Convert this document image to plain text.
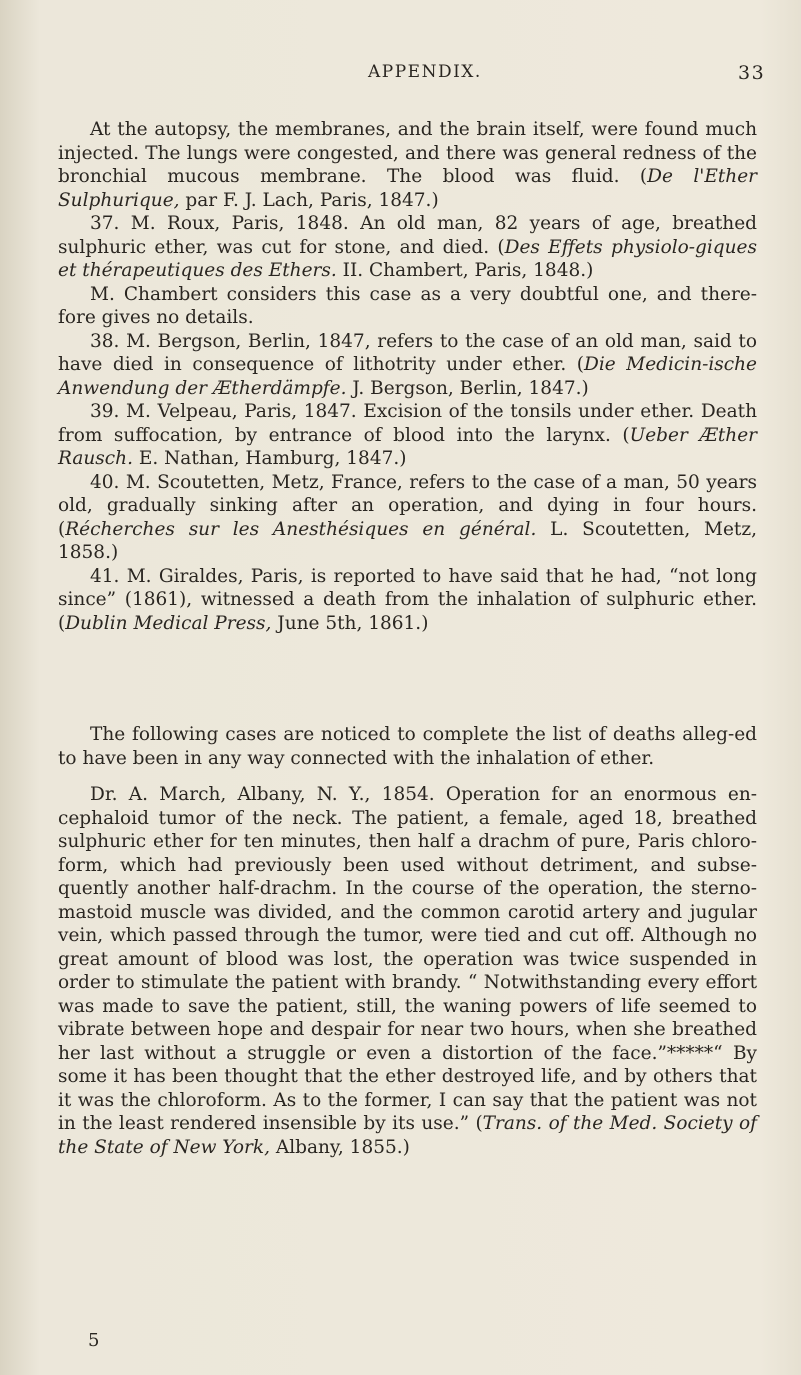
APPENDIX.	33

At the autopsy, the membranes, and the brain itself, were found much injected. The lungs were congested, and there was general redness of the bronchial mucous membrane. The blood was fluid. (De l'Ether Sulphurique, par F. J. Lach, Paris, 1847.)

37. M. Roux, Paris, 1848. An old man, 82 years of age, breathed sulphuric ether, was cut for stone, and died. (Des Effets physiolo-giques et thérapeutiques des Ethers. II. Chambert, Paris, 1848.)

M. Chambert considers this case as a very doubtful one, and there-fore gives no details.

38. M. Bergson, Berlin, 1847, refers to the case of an old man, said to have died in consequence of lithotrity under ether. (Die Medicin-ische Anwendung der Ætherdämpfe. J. Bergson, Berlin, 1847.)

39. M. Velpeau, Paris, 1847. Excision of the tonsils under ether. Death from suffocation, by entrance of blood into the larynx. (Ueber Æther Rausch. E. Nathan, Hamburg, 1847.)

40. M. Scoutetten, Metz, France, refers to the case of a man, 50 years old, gradually sinking after an operation, and dying in four hours. (Récherches sur les Anesthésiques en général. L. Scoutetten, Metz, 1858.)

41. M. Giraldes, Paris, is reported to have said that he had, “not long since” (1861), witnessed a death from the inhalation of sulphuric ether. (Dublin Medical Press, June 5th, 1861.)

The following cases are noticed to complete the list of deaths alleg-ed to have been in any way connected with the inhalation of ether.

Dr. A. March, Albany, N. Y., 1854. Operation for an enormous en-cephaloid tumor of the neck. The patient, a female, aged 18, breathed sulphuric ether for ten minutes, then half a drachm of pure, Paris chloro-form, which had previously been used without detriment, and subse-quently another half-drachm. In the course of the operation, the sterno-mastoid muscle was divided, and the common carotid artery and jugular vein, which passed through the tumor, were tied and cut off. Although no great amount of blood was lost, the operation was twice suspended in order to stimulate the patient with brandy. “ Notwithstanding every effort was made to save the patient, still, the waning powers of life seemed to vibrate between hope and despair for near two hours, when she breathed her last without a struggle or even a distortion of the face.”*****“ By some it has been thought that the ether destroyed life, and by others that it was the chloroform. As to the former, I can say that the patient was not in the least rendered insensible by its use.” (Trans. of the Med. Society of the State of New York, Albany, 1855.)

5
